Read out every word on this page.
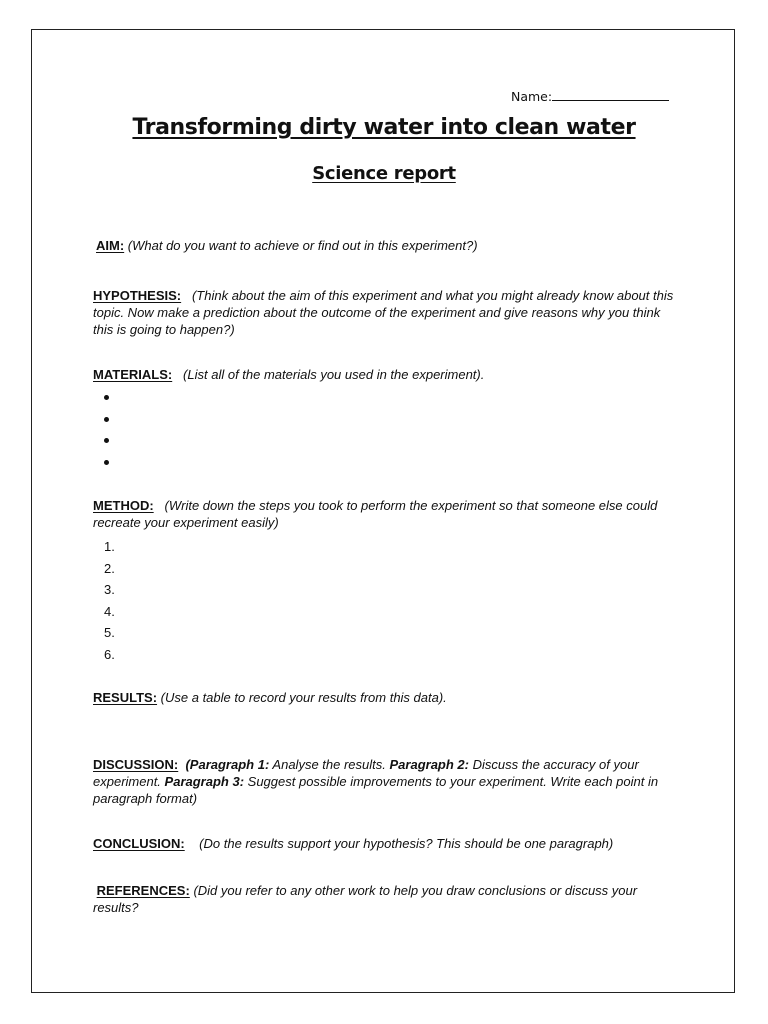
Name:
Transforming dirty water into clean water
Science report
AIM: (What do you want to achieve or find out in this experiment?)
HYPOTHESIS: (Think about the aim of this experiment and what you might already know about this topic. Now make a prediction about the outcome of the experiment and give reasons why you think this is going to happen?)
MATERIALS: (List all of the materials you used in the experiment).
METHOD: (Write down the steps you took to perform the experiment so that someone else could recreate your experiment easily)
1.
2.
3.
4.
5.
6.
RESULTS: (Use a table to record your results from this data).
DISCUSSION: (Paragraph 1: Analyse the results. Paragraph 2: Discuss the accuracy of your experiment. Paragraph 3: Suggest possible improvements to your experiment. Write each point in paragraph format)
CONCLUSION: (Do the results support your hypothesis? This should be one paragraph)
REFERENCES: (Did you refer to any other work to help you draw conclusions or discuss your results?
